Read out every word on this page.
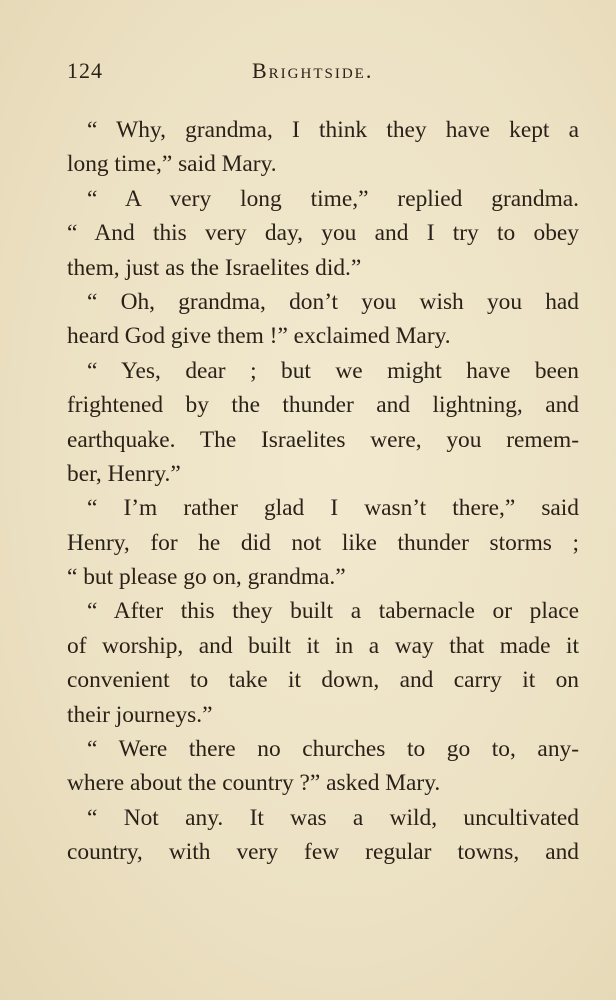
124	Brightside.
“ Why, grandma, I think they have kept a
long time,” said Mary.
“ A very long time,” replied grandma.
“ And this very day, you and I try to obey
them, just as the Israelites did.”
“ Oh, grandma, don’t you wish you had
heard God give them !” exclaimed Mary.
“ Yes, dear ; but we might have been
frightened by the thunder and lightning, and
earthquake. The Israelites were, you remem-
ber, Henry.”
“ I’m rather glad I wasn’t there,” said
Henry, for he did not like thunder storms ;
“ but please go on, grandma.”
“ After this they built a tabernacle or place
of worship, and built it in a way that made it
convenient to take it down, and carry it on
their journeys.”
“ Were there no churches to go to, any-
where about the country ?” asked Mary.
“ Not any. It was a wild, uncultivated
country, with very few regular towns, and
